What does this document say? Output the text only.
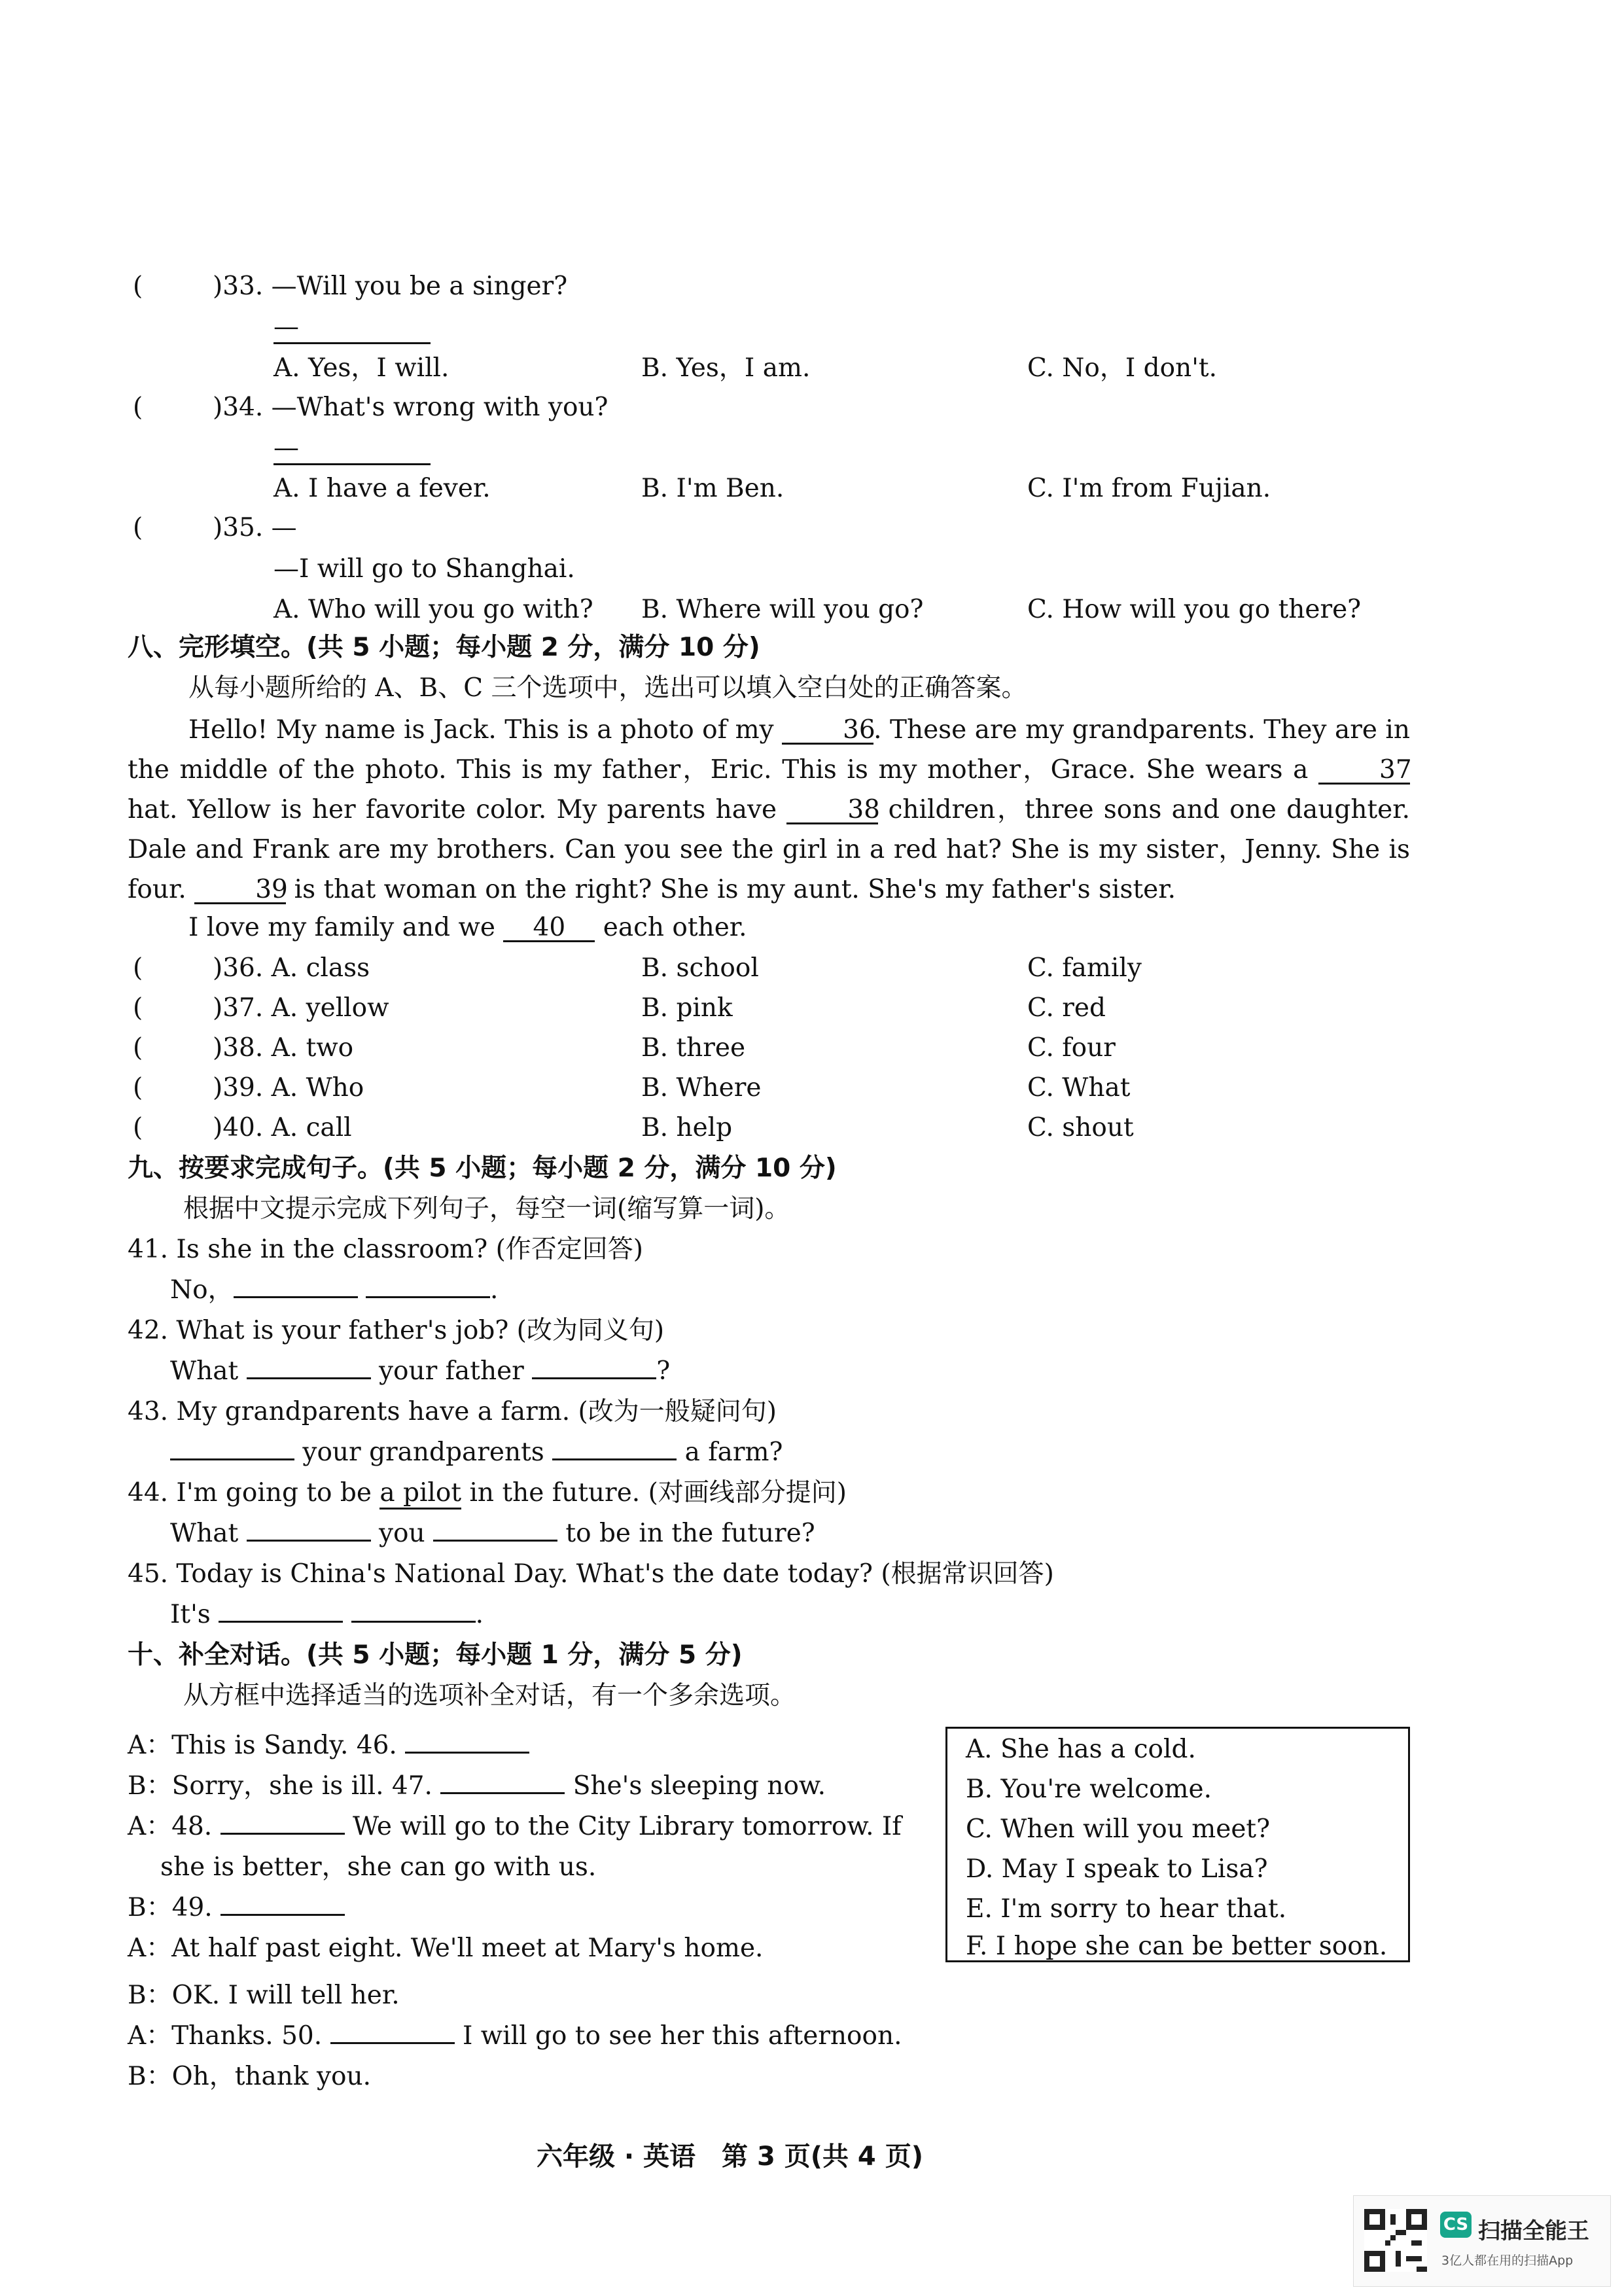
(	)33. —Will you be a singer?
—
A. Yes，I will.	B. Yes，I am.	C. No，I don't.
(	)34. —What's wrong with you?
—
A. I have a fever.	B. I'm Ben.	C. I'm from Fujian.
(	)35. —
—I will go to Shanghai.
A. Who will you go with? B. Where will you go?	C. How will you go there?
八、完形填空。(共 5 小题；每小题 2 分，满分 10 分)
从每小题所给的 A、B、C 三个选项中，选出可以填入空白处的正确答案。
Hello! My name is Jack. This is a photo of my	36. These are my grandparents. They are in the middle of the photo. This is my father，Eric. This is my mother，Grace. She wears a	37 hat. Yellow is her favorite color. My parents have	38 children，three sons and one daughter. Dale and Frank are my brothers. Can you see the girl in a red hat? She is my sister，Jenny. She is four.	39 is that woman on the right? She is my aunt. She's my father's sister.
I love my family and we 40 each other.
(	)36. A. class	B. school	C. family
(	)37. A. yellow	B. pink	C. red
(	)38. A. two	B. three	C. four
(	)39. A. Who	B. Where	C. What
(	)40. A. call	B. help	C. shout
九、按要求完成句子。(共 5 小题；每小题 2 分，满分 10 分)
根据中文提示完成下列句子，每空一词(缩写算一词)。
41. Is she in the classroom? (作否定回答)
No，	.
42. What is your father's job? (改为同义句)
What	your father	?
43. My grandparents have a farm. (改为一般疑问句)
your grandparents	a farm?
44. I'm going to be a pilot in the future. (对画线部分提问)
What	you	to be in the future?
45. Today is China's National Day. What's the date today? (根据常识回答)
It's	.
十、补全对话。(共 5 小题；每小题 1 分，满分 5 分)
从方框中选择适当的选项补全对话，有一个多余选项。
A：This is Sandy. 46.
B：Sorry，she is ill. 47.	She's sleeping now.
A：48.	We will go to the City Library tomorrow. If
she is better，she can go with us.
B：49.
A：At half past eight. We'll meet at Mary's home.
B：OK. I will tell her.
A：Thanks. 50.	I will go to see her this afternoon.
B：Oh，thank you.
A. She has a cold.
B. You're welcome.
C. When will you meet?
D. May I speak to Lisa?
E. I'm sorry to hear that.
F. I hope she can be better soon.
六年级 · 英语　第 3 页(共 4 页)
CS 扫描全能王
3亿人都在用的扫描App
